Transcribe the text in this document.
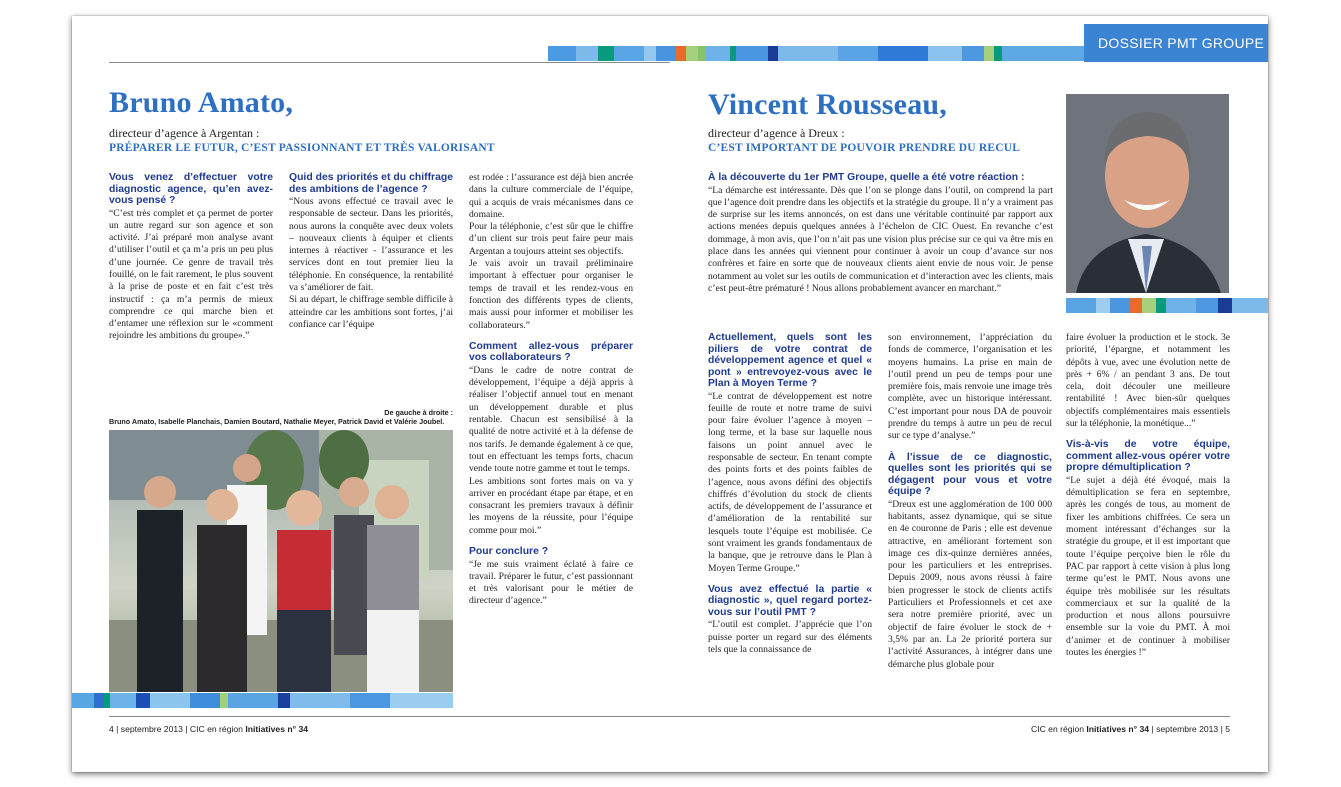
Bruno Amato,
directeur d’agence à Argentan :
PRÉPARER LE FUTUR, C’EST PASSIONNANT ET TRÈS VALORISANT
Vous venez d’effectuer votre diagnostic agence, qu’en avez-vous pensé ?

“C’est très complet et ça permet de porter un autre regard sur son agence et son activité. J’ai préparé mon analyse avant d’utiliser l’outil et ça m’a pris un peu plus d’une journée. Ce genre de travail très fouillé, on le fait rarement, le plus souvent à la prise de poste et en fait c’est très instructif : ça m’a permis de mieux comprendre ce qui marche bien et d’entamer une réflexion sur le «comment rejoindre les ambitions du groupe».”

Quid des priorités et du chiffrage des ambitions de l’agence ?

“Nous avons effectué ce travail avec le responsable de secteur. Dans les priorités, nous aurons la conquête avec deux volets – nouveaux clients à équiper et clients internes à réactiver - l’assurance et les services dont en tout premier lieu la téléphonie. En conséquence, la rentabilité va s’améliorer de fait.

Si au départ, le chiffrage semble difficile à atteindre car les ambitions sont fortes, j’ai confiance car l’équipe

est rodée : l’assurance est déjà bien ancrée dans la culture commerciale de l’équipe, qui a acquis de vrais mécanismes dans ce domaine.

Pour la téléphonie, c’est sûr que le chiffre d’un client sur trois peut faire peur mais Argentan a toujours atteint ses objectifs.

Je vais avoir un travail préliminaire important à effectuer pour organiser le temps de travail et les rendez-vous en fonction des différents types de clients, mais aussi pour informer et mobiliser les collaborateurs.”

Comment allez-vous préparer vos collaborateurs ?

“Dans le cadre de notre contrat de développement, l’équipe a déjà appris à réaliser l’objectif annuel tout en menant un développement durable et plus rentable. Chacun est sensibilisé à la qualité de notre activité et à la défense de nos tarifs. Je demande également à ce que, tout en effectuant les temps forts, chacun vende toute notre gamme et tout le temps.

Les ambitions sont fortes mais on va y arriver en procédant étape par étape, et en consacrant les premiers travaux à définir les moyens de la réussite, pour l’équipe comme pour moi.”

Pour conclure ?

“Je me suis vraiment éclaté à faire ce travail. Préparer le futur, c’est passionnant et très valorisant pour le métier de directeur d’agence.”

De gauche à droite :
Bruno Amato, Isabelle Planchais, Damien Boutard, Nathalie Meyer, Patrick David et Valérie Joubel.
4 | septembre 2013 | CIC en région Initiatives n° 34
DOSSIER PMT GROUPE
Vincent Rousseau,
directeur d’agence à Dreux :
C’EST IMPORTANT DE POUVOIR PRENDRE DU RECUL
À la découverte du 1er PMT Groupe, quelle a été votre réaction :

“La démarche est intéressante. Dès que l’on se plonge dans l’outil, on comprend la part que l’agence doit prendre dans les objectifs et la stratégie du groupe. Il n’y a vraiment pas de surprise sur les items annoncés, on est dans une véritable continuité par rapport aux actions menées depuis quelques années à l’échelon de CIC Ouest. En revanche c’est dommage, à mon avis, que l’on n’ait pas une vision plus précise sur ce qui va être mis en place dans les années qui viennent pour continuer à avoir un coup d’avance sur nos confrères et faire en sorte que de nouveaux clients aient envie de nous voir. Je pense notamment au volet sur les outils de communication et d’interaction avec les clients, mais c’est peut-être prématuré ! Nous allons probablement avancer en marchant.”

Actuellement, quels sont les piliers de votre contrat de développement agence et quel « pont » entrevoyez-vous avec le Plan à Moyen Terme ?

“Le contrat de développement est notre feuille de route et notre trame de suivi pour faire évoluer l’agence à moyen – long terme, et la base sur laquelle nous faisons un point annuel avec le responsable de secteur. En tenant compte des points forts et des points faibles de l’agence, nous avons défini des objectifs chiffrés d’évolution du stock de clients actifs, de développement de l’assurance et d’amélioration de la rentabilité sur lesquels toute l’équipe est mobilisée. Ce sont vraiment les grands fondamentaux de la banque, que je retrouve dans le Plan à Moyen Terme Groupe.”

Vous avez effectué la partie « diagnostic », quel regard portez-vous sur l’outil PMT ?

“L’outil est complet. J’apprécie que l’on puisse porter un regard sur des éléments tels que la connaissance de

son environnement, l’appréciation du fonds de commerce, l’organisation et les moyens humains. La prise en main de l’outil prend un peu de temps pour une première fois, mais renvoie une image très complète, avec un historique intéressant. C’est important pour nous DA de pouvoir prendre du temps à autre un peu de recul sur ce type d’analyse.”

À l’issue de ce diagnostic, quelles sont les priorités qui se dégagent pour vous et votre équipe ?

“Dreux est une agglomération de 100 000 habitants, assez dynamique, qui se situe en 4e couronne de Paris ; elle est devenue attractive, en améliorant fortement son image ces dix-quinze dernières années, pour les particuliers et les entreprises. Depuis 2009, nous avons réussi à faire bien progresser le stock de clients actifs Particuliers et Professionnels et cet axe sera notre première priorité, avec un objectif de faire évoluer le stock de + 3,5% par an. La 2e priorité portera sur l’activité Assurances, à intégrer dans une démarche plus globale pour

faire évoluer la production et le stock. 3e priorité, l’épargne, et notamment les dépôts à vue, avec une évolution nette de près + 6% / an pendant 3 ans. De tout cela, doit découler une meilleure rentabilité ! Avec bien-sûr quelques objectifs complémentaires mais essentiels sur la téléphonie, la monétique...”

Vis-à-vis de votre équipe, comment allez-vous opérer votre propre démultiplication ?

“Le sujet a déjà été évoqué, mais la démultiplication se fera en septembre, après les congés de tous, au moment de fixer les ambitions chiffrées. Ce sera un moment intéressant d’échanges sur la stratégie du groupe, et il est important que toute l’équipe perçoive bien le rôle du PAC par rapport à cette vision à plus long terme qu’est le PMT. Nous avons une équipe très mobilisée sur les résultats commerciaux et sur la qualité de la production et nous allons poursuivre ensemble sur la voie du PMT. À moi d’animer et de continuer à mobiliser toutes les énergies !”

CIC en région Initiatives n° 34 | septembre 2013 | 5
